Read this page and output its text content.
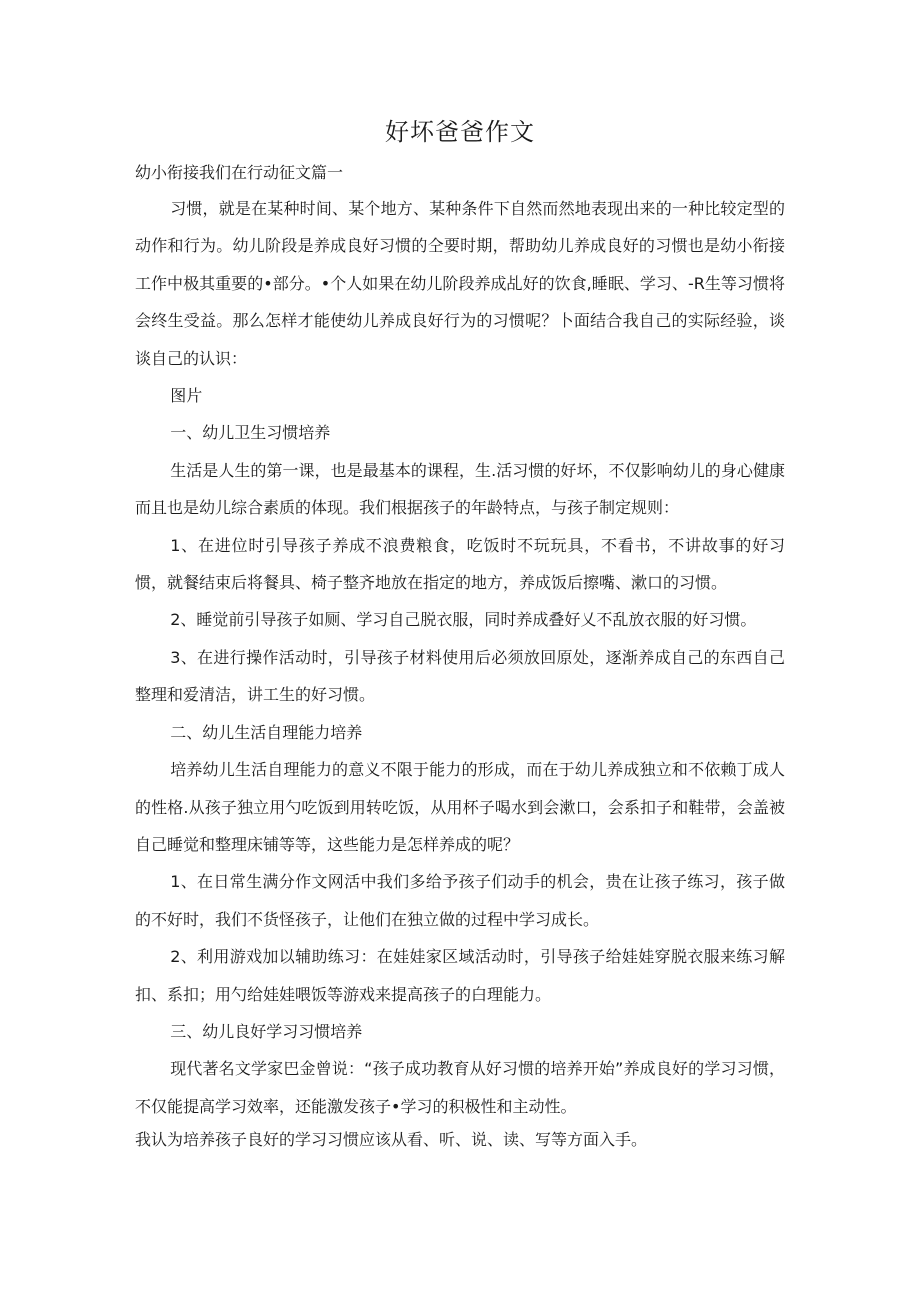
好坏爸爸作文
幼小衔接我们在行动征文篇一

习惯，就是在某种时间、某个地方、某种条件下自然而然地表现出来的一种比较定型的动作和行为。幼儿阶段是养成良好习惯的仝要时期，帮助幼儿养成良好的习惯也是幼小衔接工作中极其重要的•部分。•个人如果在幼儿阶段养成乩好的饮食,睡眠、学习、-R生等习惯将会终生受益。那么怎样才能使幼儿养成良好行为的习惯呢？卜面结合我自己的实际经验，谈谈自己的认识：

图片

一、幼儿卫生习惯培养

生活是人生的第一课，也是最基本的课程，生.活习惯的好坏，不仅影响幼儿的身心健康而且也是幼儿综合素质的体现。我们根据孩子的年龄特点，与孩子制定规则：

1、在进位时引导孩子养成不浪费粮食，吃饭时不玩玩具，不看书，不讲故事的好习惯，就餐结束后将餐具、椅子整齐地放在指定的地方，养成饭后擦嘴、漱口的习惯。

2、睡觉前引导孩子如厕、学习自己脱衣服，同时养成叠好乂不乱放衣服的好习惯。

3、在进行操作活动时，引导孩子材料使用后必须放回原处，逐渐养成自己的东西自己整理和爱清洁，讲工生的好习惯。

二、幼儿生活自理能力培养

培养幼儿生活自理能力的意义不限于能力的形成，而在于幼儿养成独立和不依赖丁成人的性格.从孩子独立用勺吃饭到用转吃饭，从用杯子喝水到会漱口，会系扣子和鞋带，会盖被自己睡觉和整理床铺等等，这些能力是怎样养成的呢？

1、在日常生满分作文网活中我们多给予孩子们动手的机会，贵在让孩子练习，孩子做的不好时，我们不货怪孩子，让他们在独立做的过程中学习成长。

2、利用游戏加以辅助练习：在娃娃家区域活动时，引导孩子给娃娃穿脱衣服来练习解扣、系扣；用勺给娃娃喂饭等游戏来提高孩子的白理能力。

三、幼儿良好学习习惯培养

现代著名文学家巴金曾说：“孩子成功教育从好习惯的培养开始”养成良好的学习习惯，不仅能提高学习效率，还能激发孩子•学习的积极性和主动性。

我认为培养孩子良好的学习习惯应该从看、听、说、读、写等方面入手。
